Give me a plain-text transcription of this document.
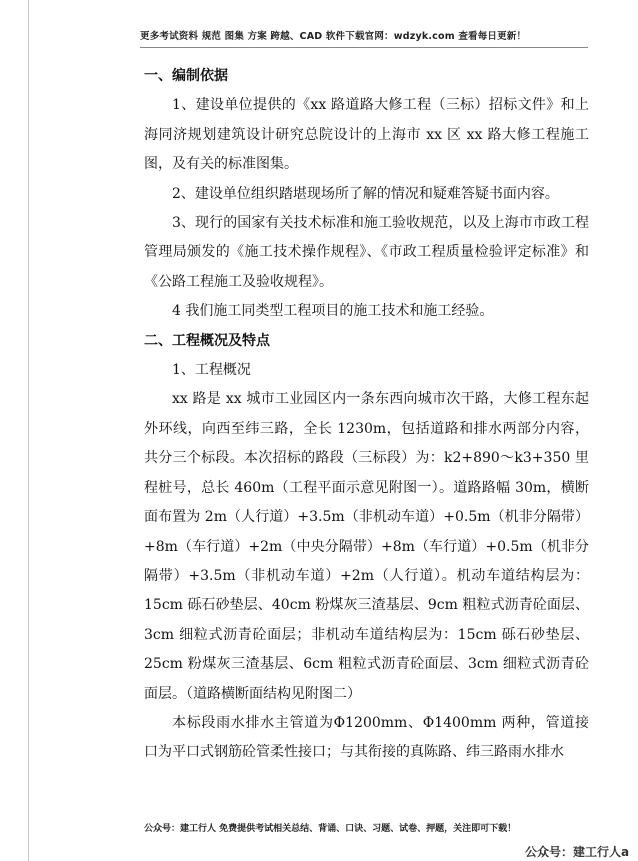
更多考试资料 规范 图集 方案 跨越、CAD 软件下载官网：wdzyk.com 查看每日更新！

一、编制依据

1、建设单位提供的《xx 路道路大修工程（三标）招标文件》和上海同济规划建筑设计研究总院设计的上海市 xx 区 xx 路大修工程施工图，及有关的标准图集。

2、建设单位组织踏堪现场所了解的情况和疑难答疑书面内容。

3、现行的国家有关技术标准和施工验收规范，以及上海市市政工程管理局颁发的《施工技术操作规程》、《市政工程质量检验评定标准》和《公路工程施工及验收规程》。

4 我们施工同类型工程项目的施工技术和施工经验。

二、工程概况及特点

1、工程概况

xx 路是 xx 城市工业园区内一条东西向城市次干路，大修工程东起外环线，向西至纬三路，全长 1230m，包括道路和排水两部分内容，共分三个标段。本次招标的路段（三标段）为：k2+890～k3+350 里程桩号，总长 460m（工程平面示意见附图一）。道路路幅 30m，横断面布置为 2m（人行道）+3.5m（非机动车道）+0.5m（机非分隔带）+8m（车行道）+2m（中央分隔带）+8m（车行道）+0.5m（机非分隔带）+3.5m（非机动车道）+2m（人行道）。机动车道结构层为：15cm 砾石砂垫层、40cm 粉煤灰三渣基层、9cm 粗粒式沥青砼面层、3cm 细粒式沥青砼面层；非机动车道结构层为：15cm 砾石砂垫层、25cm 粉煤灰三渣基层、6cm 粗粒式沥青砼面层、3cm 细粒式沥青砼面层。（道路横断面结构见附图二）

本标段雨水排水主管道为Φ1200mm、Φ1400mm 两种，管道接口为平口式钢筋砼管柔性接口；与其衔接的真陈路、纬三路雨水排水

公众号：建工行人 免费提供考试相关总结、背诵、口诀、习题、试卷、押题，关注即可下载！
公众号：建工行人a
